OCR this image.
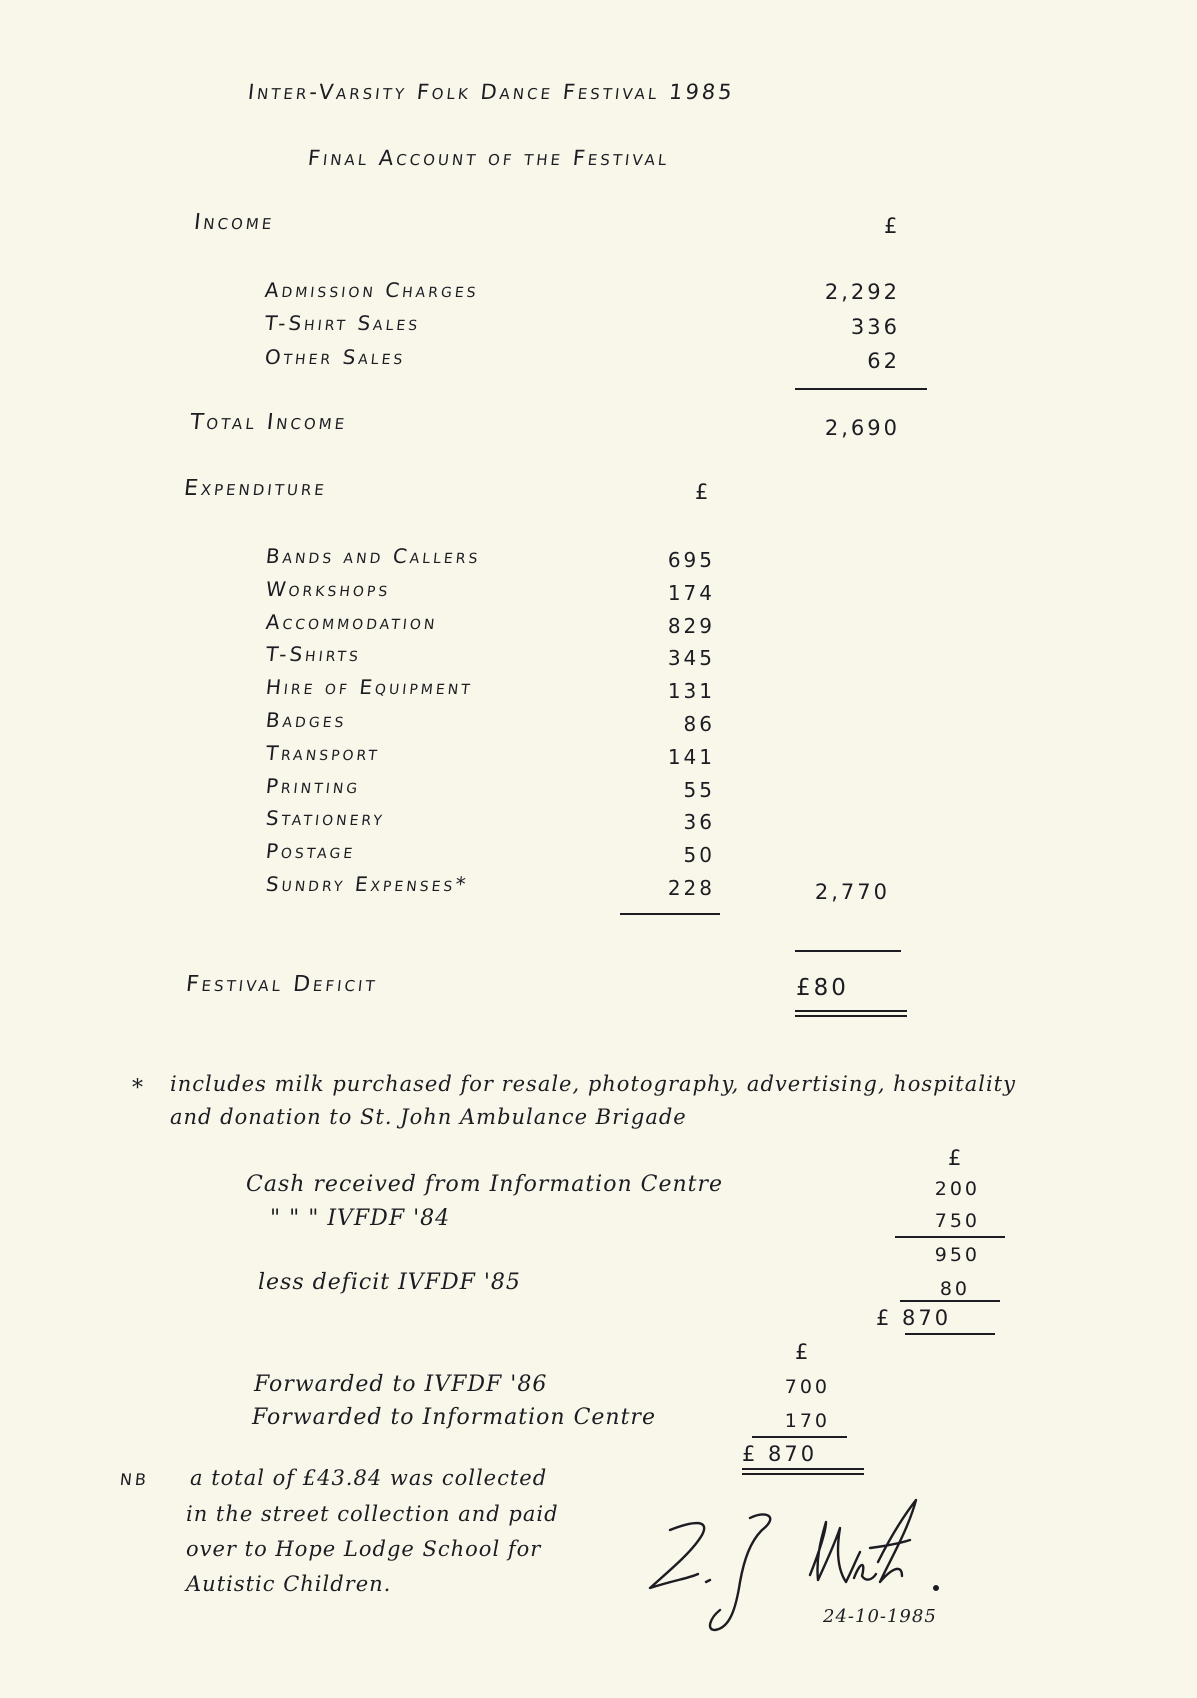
Inter-Varsity Folk Dance Festival 1985
Final Account of the Festival
Income	£
Admission Charges	2,292
T-Shirt Sales	336
Other Sales	62
Total Income	2,690
Expenditure	£
Bands and Callers	695
Workshops	174
Accommodation	829
T-Shirts	345
Hire of Equipment	131
Badges	86
Transport	141
Printing	55
Stationery	36
Postage	50
Sundry Expenses*	228	2,770
Festival Deficit	£80
* includes milk purchased for resale, photography, advertising, hospitality
and donation to St. John Ambulance Brigade
£
Cash received from Information Centre	200
" " " IVFDF '84	750
950
less deficit IVFDF '85	80
£ 870
£
Forwarded to IVFDF '86	700
Forwarded to Information Centre	170
£ 870
NB a total of £43.84 was collected
in the street collection and paid
over to Hope Lodge School for
Autistic Children.
24-10-1985
